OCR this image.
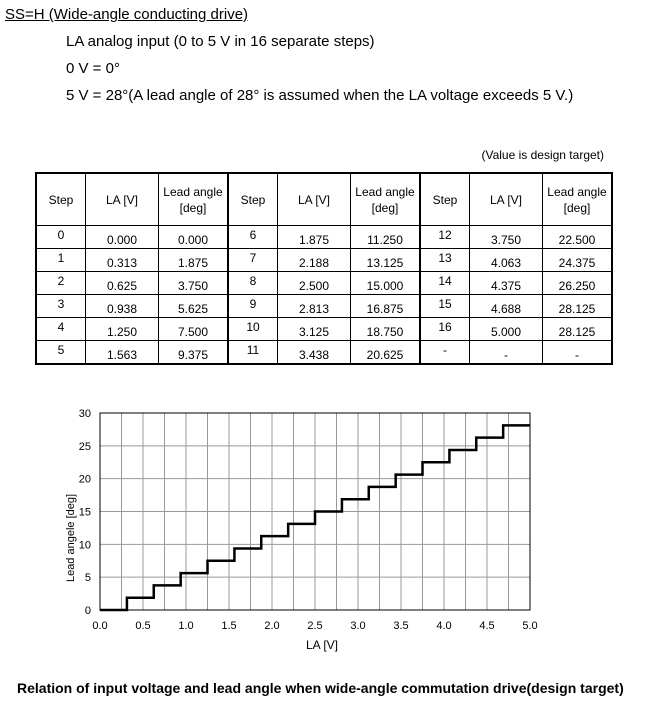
SS=H (Wide-angle conducting drive)
LA analog input (0 to 5 V in 16 separate steps)
0 V = 0°
5 V = 28°(A lead angle of 28° is assumed when the LA voltage exceeds 5 V.)
(Value is design target)
Step	LA [V]	Lead angle [deg]	Step	LA [V]	Lead angle [deg]	Step	LA [V]	Lead angle [deg]
0	0.000	0.000	6	1.875	11.250	12	3.750	22.500
1	0.313	1.875	7	2.188	13.125	13	4.063	24.375
2	0.625	3.750	8	2.500	15.000	14	4.375	26.250
3	0.938	5.625	9	2.813	16.875	15	4.688	28.125
4	1.250	7.500	10	3.125	18.750	16	5.000	28.125
5	1.563	9.375	11	3.438	20.625	-	-	-
0.0	0.5	1.0	1.5	2.0	2.5	3.0	3.5	4.0	4.5	5.0
0
5
10
15
20
25
30
LA [V]
Lead angele [deg]
Relation of input voltage and lead angle when wide-angle commutation drive(design target)
